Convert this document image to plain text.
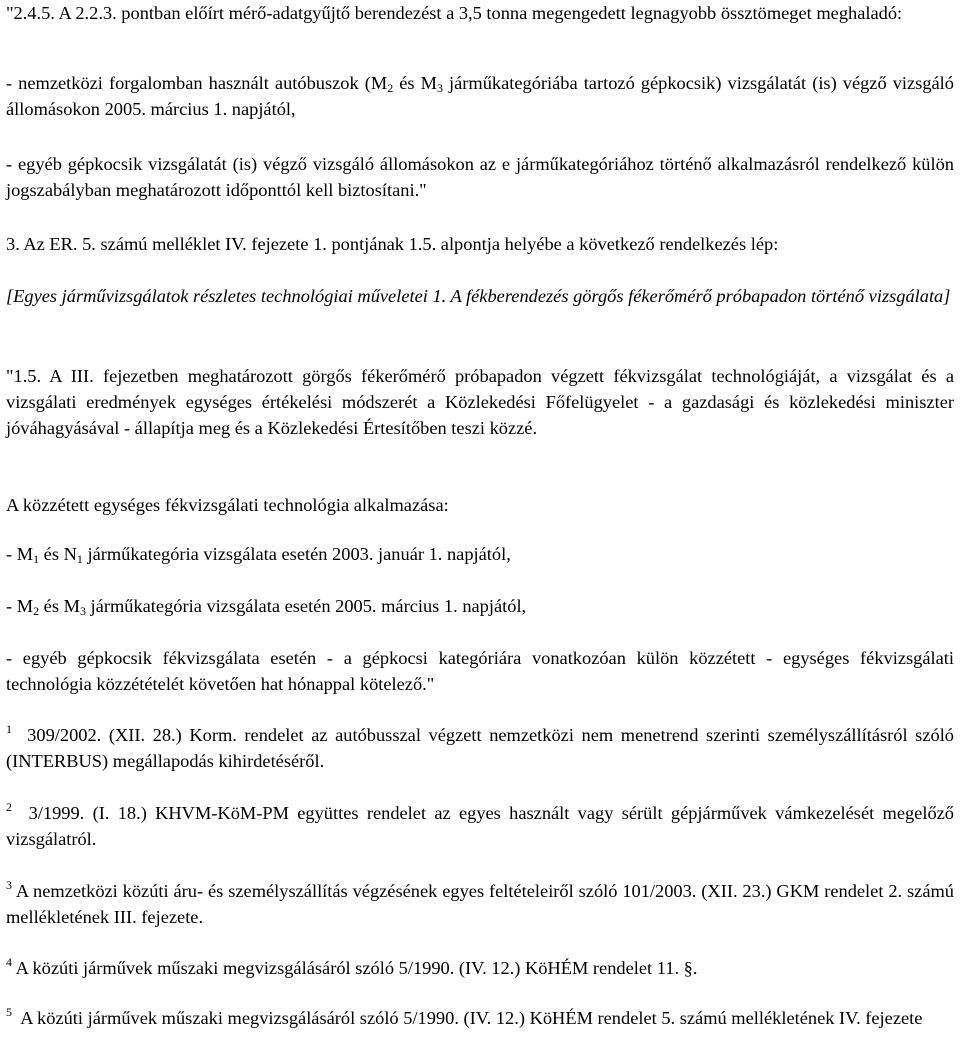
"2.4.5. A 2.2.3. pontban előírt mérő-adatgyűjtő berendezést a 3,5 tonna megengedett legnagyobb össztömeget meghaladó:

- nemzetközi forgalomban használt autóbuszok ($M_2$ és $M_3$ járműkategóriába tartozó gépkocsik) vizsgálatát (is) végző vizsgáló állomásokon 2005. március 1. napjától,

- egyéb gépkocsik vizsgálatát (is) végző vizsgáló állomásokon az e járműkategóriához történő alkalmazásról rendelkező külön jogszabályban meghatározott időponttól kell biztosítani."

3. Az ER. 5. számú melléklet IV. fejezete 1. pontjának 1.5. alpontja helyébe a következő rendelkezés lép:

[Egyes járművizsgálatok részletes technológiai műveletei 1. A fékberendezés görgős fékerőmérő próbapadon történő vizsgálata]

"1.5. A III. fejezetben meghatározott görgős fékerőmérő próbapadon végzett fékvizsgálat technológiáját, a vizsgálat és a vizsgálati eredmények egységes értékelési módszerét a Közlekedési Főfelügyelet - a gazdasági és közlekedési miniszter jóváhagyásával - állapítja meg és a Közlekedési Értesítőben teszi közzé.

A közzétett egységes fékvizsgálati technológia alkalmazása:

- $M_1$ és $N_1$ járműkategória vizsgálata esetén 2003. január 1. napjától,

- $M_2$ és $M_3$ járműkategória vizsgálata esetén 2005. március 1. napjától,

- egyéb gépkocsik fékvizsgálata esetén - a gépkocsi kategóriára vonatkozóan külön közzétett - egységes fékvizsgálati technológia közzétételét követően hat hónappal kötelező."

$^1$ 309/2002. (XII. 28.) Korm. rendelet az autóbusszal végzett nemzetközi nem menetrend szerinti személyszállításról szóló (INTERBUS) megállapodás kihirdetéséről.

$^2$ 3/1999. (I. 18.) KHVM-KöM-PM együttes rendelet az egyes használt vagy sérült gépjárművek vámkezelését megelőző vizsgálatról.

$^3$ A nemzetközi közúti áru- és személyszállítás végzésének egyes feltételeiről szóló 101/2003. (XII. 23.) GKM rendelet 2. számú mellékletének III. fejezete.

$^4$ A közúti járművek műszaki megvizsgálásáról szóló 5/1990. (IV. 12.) KöHÉM rendelet 11. §.

$^5$ A közúti járművek műszaki megvizsgálásáról szóló 5/1990. (IV. 12.) KöHÉM rendelet 5. számú mellékletének IV. fejezete
